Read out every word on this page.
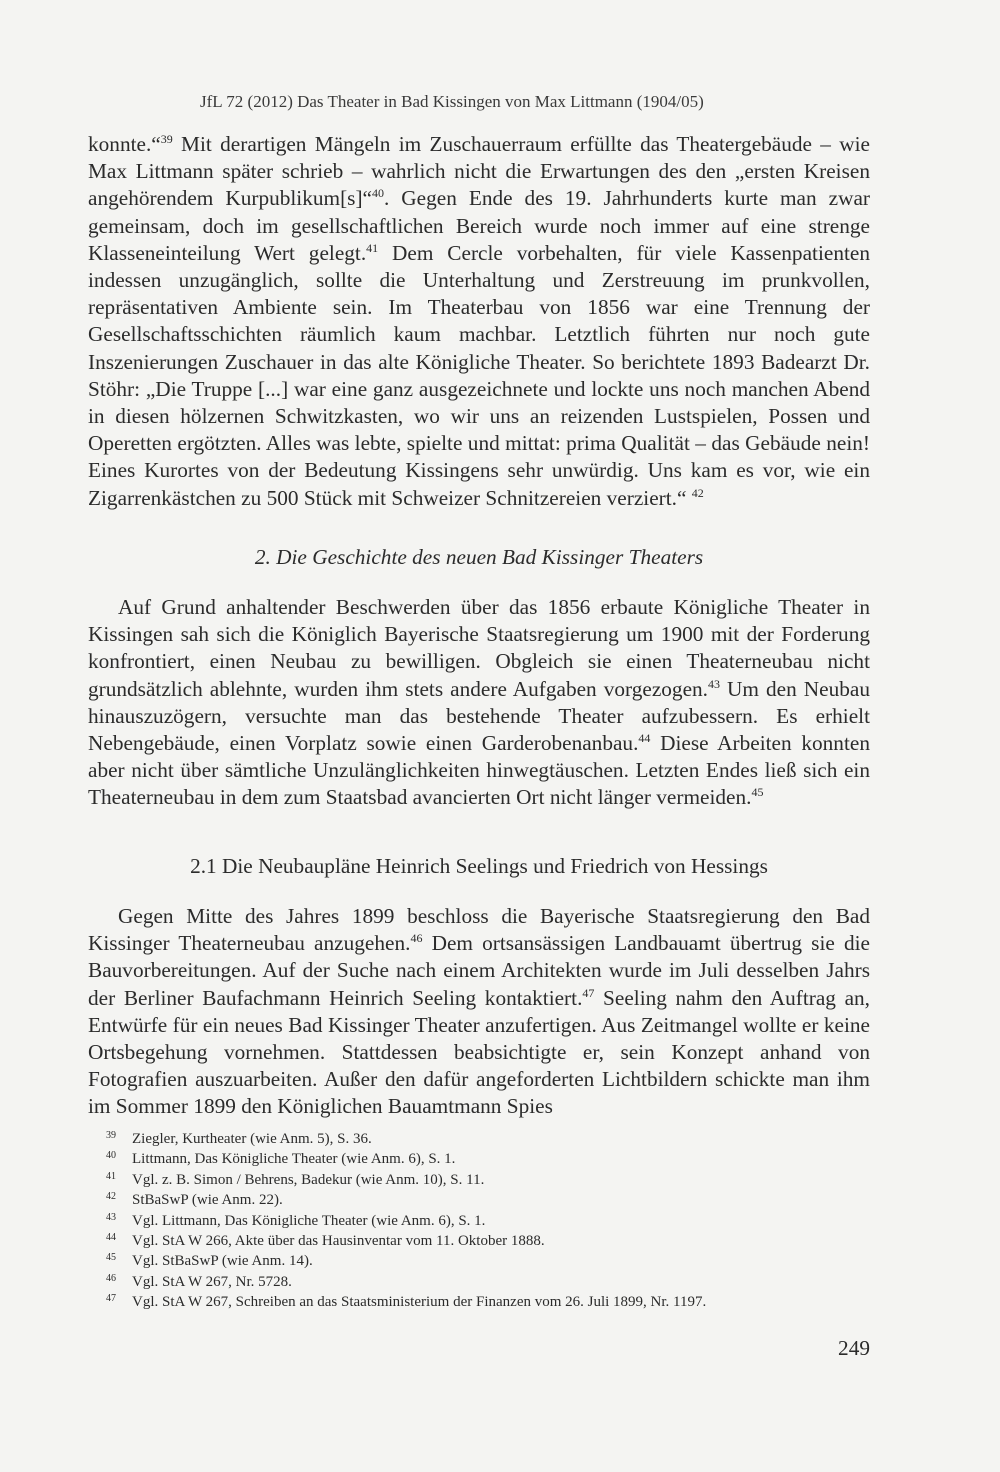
JfL 72 (2012) Das Theater in Bad Kissingen von Max Littmann (1904/05)

konnte.“$^{39}$ Mit derartigen Mängeln im Zuschauerraum erfüllte das Theatergebäude – wie Max Littmann später schrieb – wahrlich nicht die Erwartungen des den „ersten Kreisen angehörendem Kurpublikum[s]“$^{40}$. Gegen Ende des 19. Jahrhunderts kurte man zwar gemeinsam, doch im gesellschaftlichen Bereich wurde noch immer auf eine strenge Klasseneinteilung Wert gelegt.$^{41}$ Dem Cercle vorbehalten, für viele Kassenpatienten indessen unzugänglich, sollte die Unterhaltung und Zerstreuung im prunkvollen, repräsentativen Ambiente sein. Im Theaterbau von 1856 war eine Trennung der Gesellschaftsschichten räumlich kaum machbar. Letztlich führten nur noch gute Inszenierungen Zuschauer in das alte Königliche Theater. So berichtete 1893 Badearzt Dr. Stöhr: „Die Truppe [...] war eine ganz ausgezeichnete und lockte uns noch manchen Abend in diesen hölzernen Schwitzkasten, wo wir uns an reizenden Lustspielen, Possen und Operetten ergötzten. Alles was lebte, spielte und mittat: prima Qualität – das Gebäude nein! Eines Kurortes von der Bedeutung Kissingens sehr unwürdig. Uns kam es vor, wie ein Zigarrenkästchen zu 500 Stück mit Schweizer Schnitzereien verziert.“ $^{42}$

2. Die Geschichte des neuen Bad Kissinger Theaters

Auf Grund anhaltender Beschwerden über das 1856 erbaute Königliche Theater in Kissingen sah sich die Königlich Bayerische Staatsregierung um 1900 mit der Forderung konfrontiert, einen Neubau zu bewilligen. Obgleich sie einen Theaterneubau nicht grundsätzlich ablehnte, wurden ihm stets andere Aufgaben vorgezogen.$^{43}$ Um den Neubau hinauszuzögern, versuchte man das bestehende Theater aufzubessern. Es erhielt Nebengebäude, einen Vorplatz sowie einen Garderobenanbau.$^{44}$ Diese Arbeiten konnten aber nicht über sämtliche Unzulänglichkeiten hinwegtäuschen. Letzten Endes ließ sich ein Theaterneubau in dem zum Staatsbad avancierten Ort nicht länger vermeiden.$^{45}$

2.1 Die Neubaupläne Heinrich Seelings und Friedrich von Hessings

Gegen Mitte des Jahres 1899 beschloss die Bayerische Staatsregierung den Bad Kissinger Theaterneubau anzugehen.$^{46}$ Dem ortsansässigen Landbauamt übertrug sie die Bauvorbereitungen. Auf der Suche nach einem Architekten wurde im Juli desselben Jahrs der Berliner Baufachmann Heinrich Seeling kontaktiert.$^{47}$ Seeling nahm den Auftrag an, Entwürfe für ein neues Bad Kissinger Theater anzufertigen. Aus Zeitmangel wollte er keine Ortsbegehung vornehmen. Stattdessen beabsichtigte er, sein Konzept anhand von Fotografien auszuarbeiten. Außer den dafür angeforderten Lichtbildern schickte man ihm im Sommer 1899 den Königlichen Bauamtmann Spies

39	Ziegler, Kurtheater (wie Anm. 5), S. 36.
40	Littmann, Das Königliche Theater (wie Anm. 6), S. 1.
41	Vgl. z. B. Simon / Behrens, Badekur (wie Anm. 10), S. 11.
42	StBaSwP (wie Anm. 22).
43	Vgl. Littmann, Das Königliche Theater (wie Anm. 6), S. 1.
44	Vgl. StA W 266, Akte über das Hausinventar vom 11. Oktober 1888.
45	Vgl. StBaSwP (wie Anm. 14).
46	Vgl. StA W 267, Nr. 5728.
47	Vgl. StA W 267, Schreiben an das Staatsministerium der Finanzen vom 26. Juli 1899, Nr. 1197.
249
